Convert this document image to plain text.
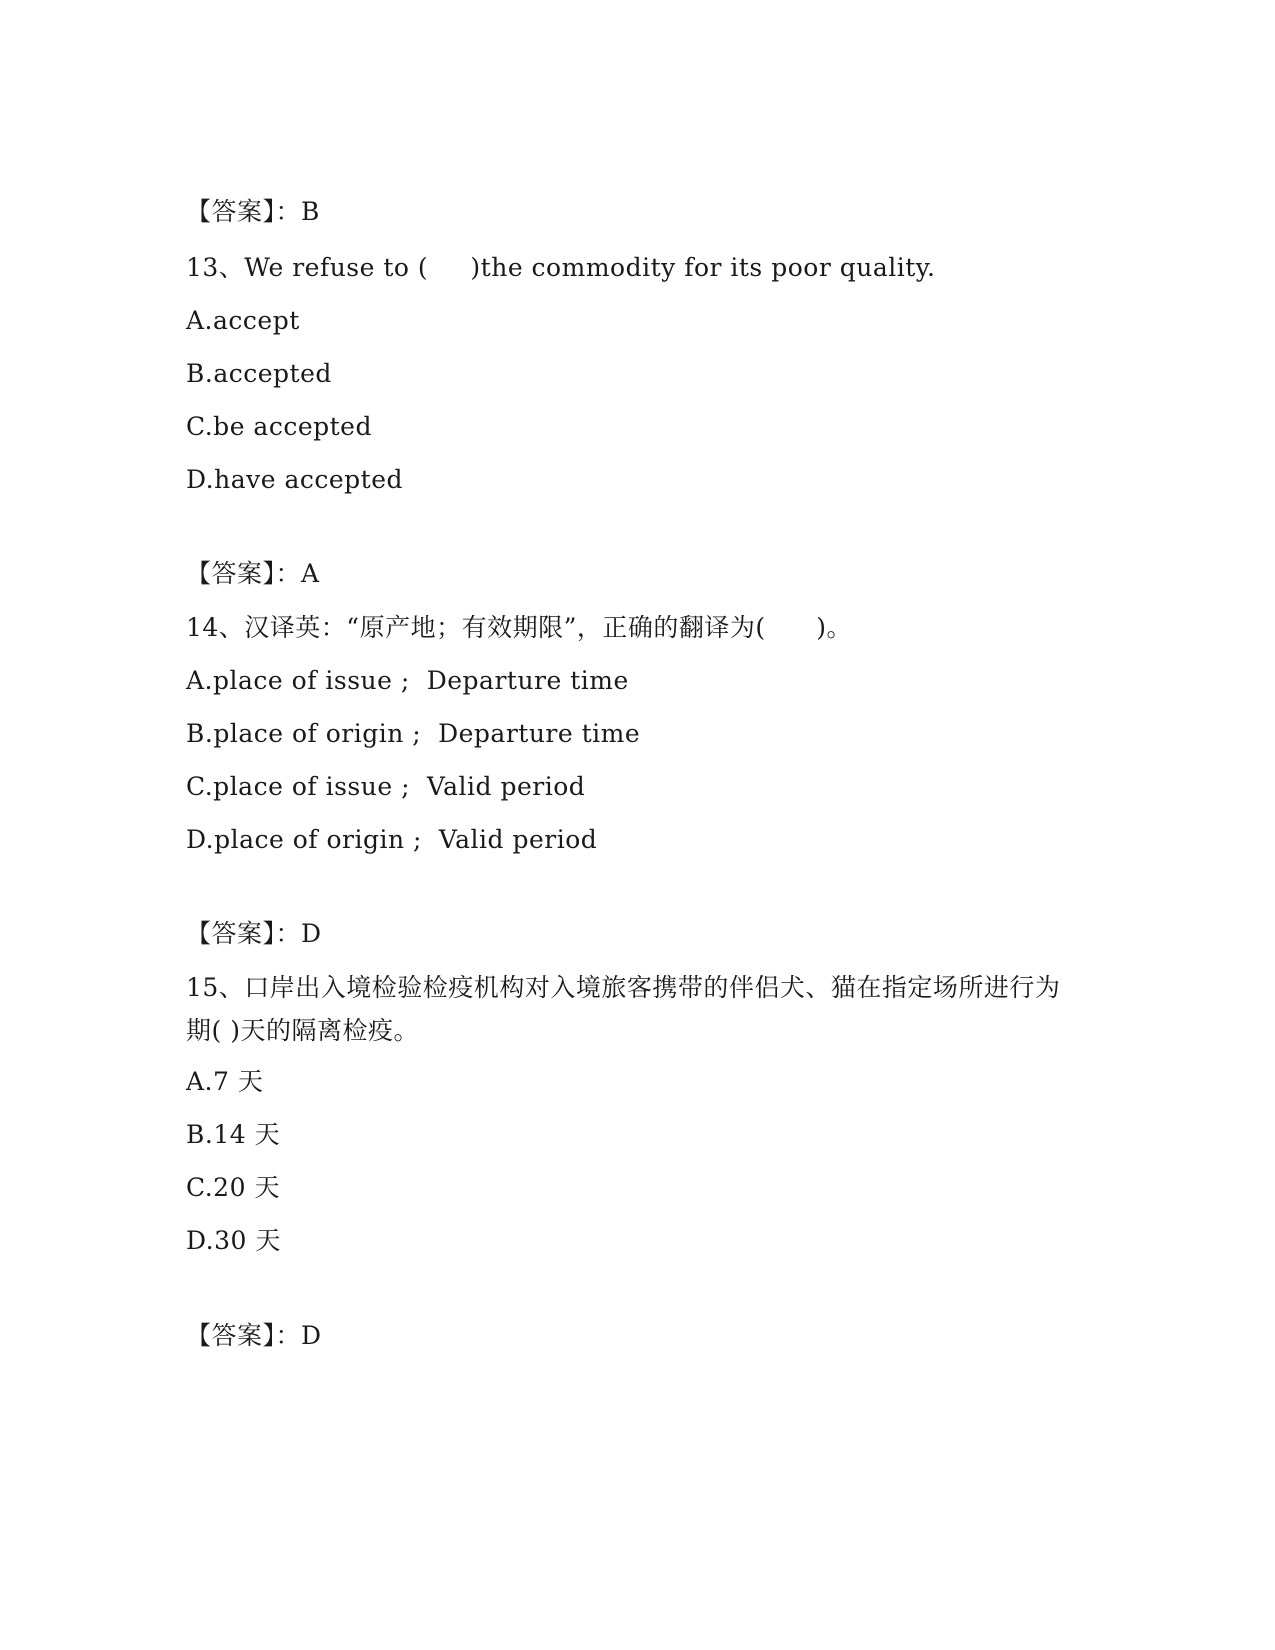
【答案】：B
13、We refuse to (     )the commodity for its poor quality.
A.accept
B.accepted
C.be accepted
D.have accepted
【答案】：A
14、汉译英：“原产地；有效期限”，正确的翻译为(      )。
A.place of issue ;  Departure time
B.place of origin ;  Departure time
C.place of issue ;  Valid period
D.place of origin ;  Valid period
【答案】：D
15、口岸出入境检验检疫机构对入境旅客携带的伴侣犬、猫在指定场所进行为期( )天的隔离检疫。
A.7 天
B.14 天
C.20 天
D.30 天
【答案】：D
